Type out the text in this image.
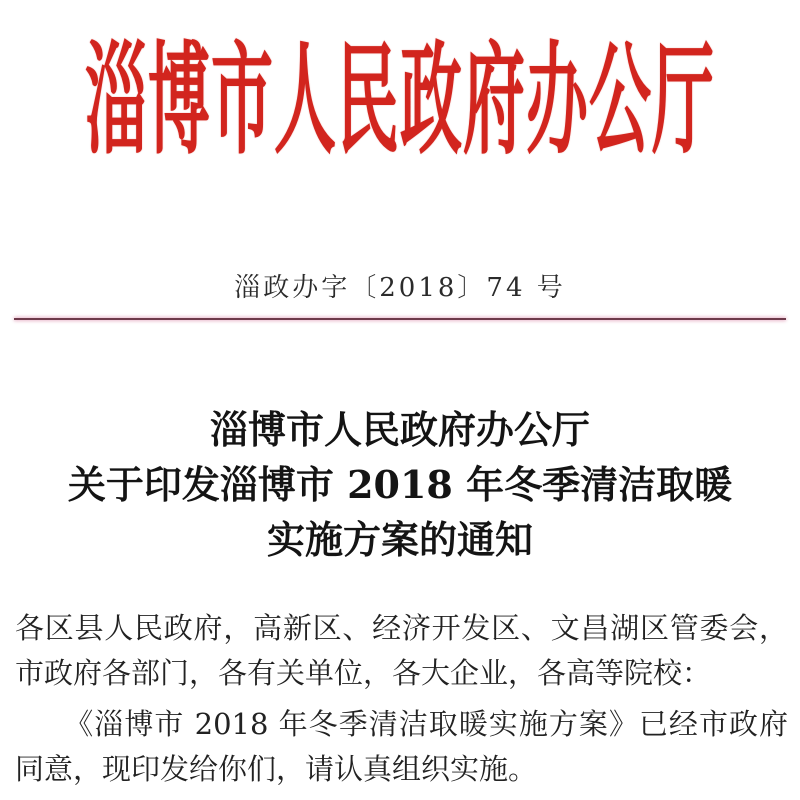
淄博市人民政府办公厅
淄政办字〔2018〕74 号
淄博市人民政府办公厅
关于印发淄博市 2018 年冬季清洁取暖
实施方案的通知

各区县人民政府，高新区、经济开发区、文昌湖区管委会，市政府各部门，各有关单位，各大企业，各高等院校：

《淄博市 2018 年冬季清洁取暖实施方案》已经市政府同意，现印发给你们，请认真组织实施。
